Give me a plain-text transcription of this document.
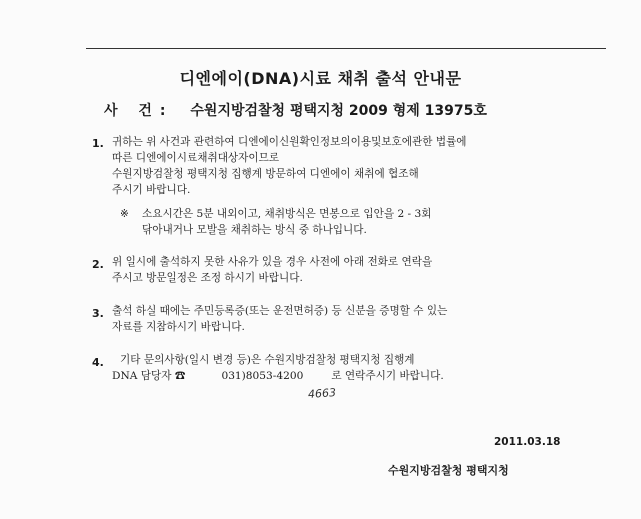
디엔에이(DNA)시료 채취 출석 안내문
사 건: 수원지방검찰청 평택지청 2009 형제 13975호
1. 귀하는 위 사건과 관련하여 디엔에이신원확인정보의이용및보호에관한 법률에
따른 디엔에이시료채취대상자이므로
수원지방검찰청 평택지청 집행계 방문하여 디엔에이 채취에 협조해
주시기 바랍니다.
※ 소요시간은 5분 내외이고, 채취방식은 면봉으로 입안을 2 - 3회
닦아내거나 모발을 채취하는 방식 중 하나입니다.
2. 위 일시에 출석하지 못한 사유가 있을 경우 사전에 아래 전화로 연락을
주시고 방문일정은 조정 하시기 바랍니다.
3. 출석 하실 때에는 주민등록증(또는 운전면허증) 등 신분을 증명할 수 있는
자료를 지참하시기 바랍니다.
4.	기타 문의사항(일시 변경 등)은 수원지방검찰청 평택지청 집행계
DNA 담당자 ☎	031)8053-4200	로 연락주시기 바랍니다.
4663
2011.03.18
수원지방검찰청 평택지청
